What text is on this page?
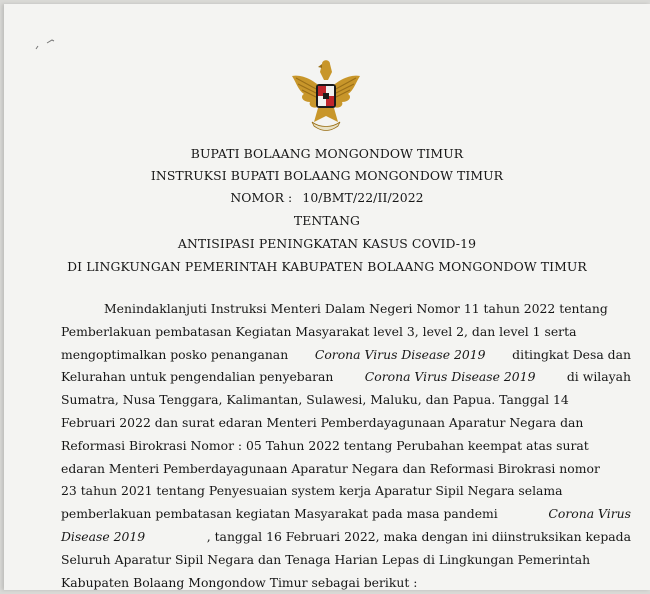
BUPATI BOLAANG MONGONDOW TIMUR
INSTRUKSI BUPATI BOLAANG MONGONDOW TIMUR
NOMOR : 10/BMT/22/II/2022
TENTANG
ANTISIPASI PENINGKATAN KASUS COVID-19
DI LINGKUNGAN PEMERINTAH KABUPATEN BOLAANG MONGONDOW TIMUR
Menindaklanjuti Instruksi Menteri Dalam Negeri Nomor 11 tahun 2022 tentang
Pemberlakuan pembatasan Kegiatan Masyarakat level 3, level 2, dan level 1 serta
mengoptimalkan posko penanganan Corona Virus Disease 2019 ditingkat Desa dan
Kelurahan untuk pengendalian penyebaran	Corona Virus Disease 2019	di wilayah
Sumatra, Nusa Tenggara, Kalimantan, Sulawesi, Maluku, dan Papua. Tanggal 14
Februari 2022 dan surat edaran Menteri Pemberdayagunaan Aparatur Negara dan
Reformasi Birokrasi Nomor : 05 Tahun 2022 tentang Perubahan keempat atas surat
edaran Menteri Pemberdayagunaan Aparatur Negara dan Reformasi Birokrasi nomor
23 tahun 2021 tentang Penyesuaian system kerja Aparatur Sipil Negara selama
pemberlakuan pembatasan kegiatan Masyarakat pada masa pandemi	Corona Virus
Disease 2019	, tanggal 16 Februari 2022, maka dengan ini diinstruksikan kepada
Seluruh Aparatur Sipil Negara dan Tenaga Harian Lepas di Lingkungan Pemerintah
Kabupaten Bolaang Mongondow Timur sebagai berikut :
